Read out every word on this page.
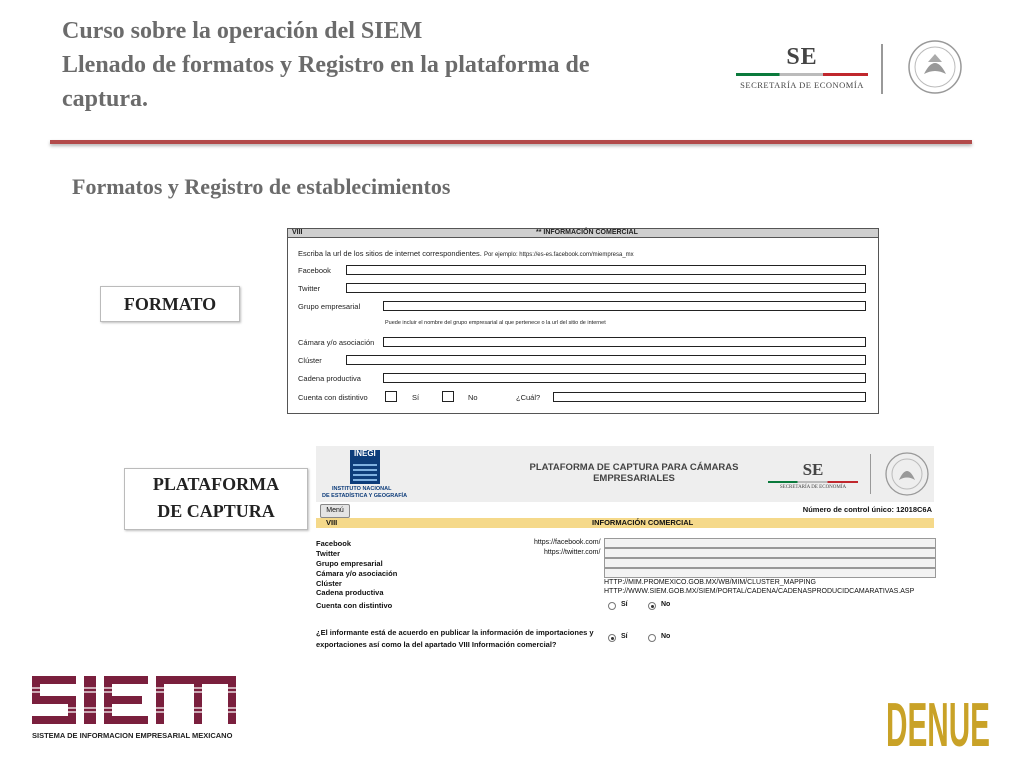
Curso sobre la operación del SIEM
Llenado de formatos y Registro en la plataforma de
captura.
SE
SECRETARÍA DE ECONOMÍA
Formatos y Registro de establecimientos
FORMATO
PLATAFORMA
DE CAPTURA
VIII	** INFORMACIÓN COMERCIAL
Escriba la url de los sitios de internet correspondientes. Por ejemplo: https://es-es.facebook.com/miempresa_mx
Facebook
Twitter
Grupo empresarial
Puede incluir el nombre del grupo empresarial al que pertenece o la url del sitio de internet
Cámara y/o asociación
Clúster
Cadena productiva
Cuenta con distintivo	Sí	No	¿Cuál?
INEGI
INSTITUTO NACIONAL
DE ESTADÍSTICA Y GEOGRAFÍA
PLATAFORMA DE CAPTURA PARA CÁMARAS
EMPRESARIALES	SE
SECRETARÍA DE ECONOMÍA
Menú	Número de control único: 12018C6A
VIII	INFORMACIÓN COMERCIAL
Facebook	https://facebook.com/
Twitter	https://twitter.com/
Grupo empresarial
Cámara y/o asociación
Clúster	HTTP://MIM.PROMEXICO.GOB.MX/WB/MIM/CLUSTER_MAPPING
Cadena productiva	HTTP://WWW.SIEM.GOB.MX/SIEM/PORTAL/CADENA/CADENASPRODUCIDCAMARATIVAS.ASP
Cuenta con distintivo	Sí	No
¿El informante está de acuerdo en publicar la información de importaciones y
exportaciones así como la del apartado VIII Información comercial?
Sí	No
SISTEMA DE INFORMACION EMPRESARIAL MEXICANO	DENUE
